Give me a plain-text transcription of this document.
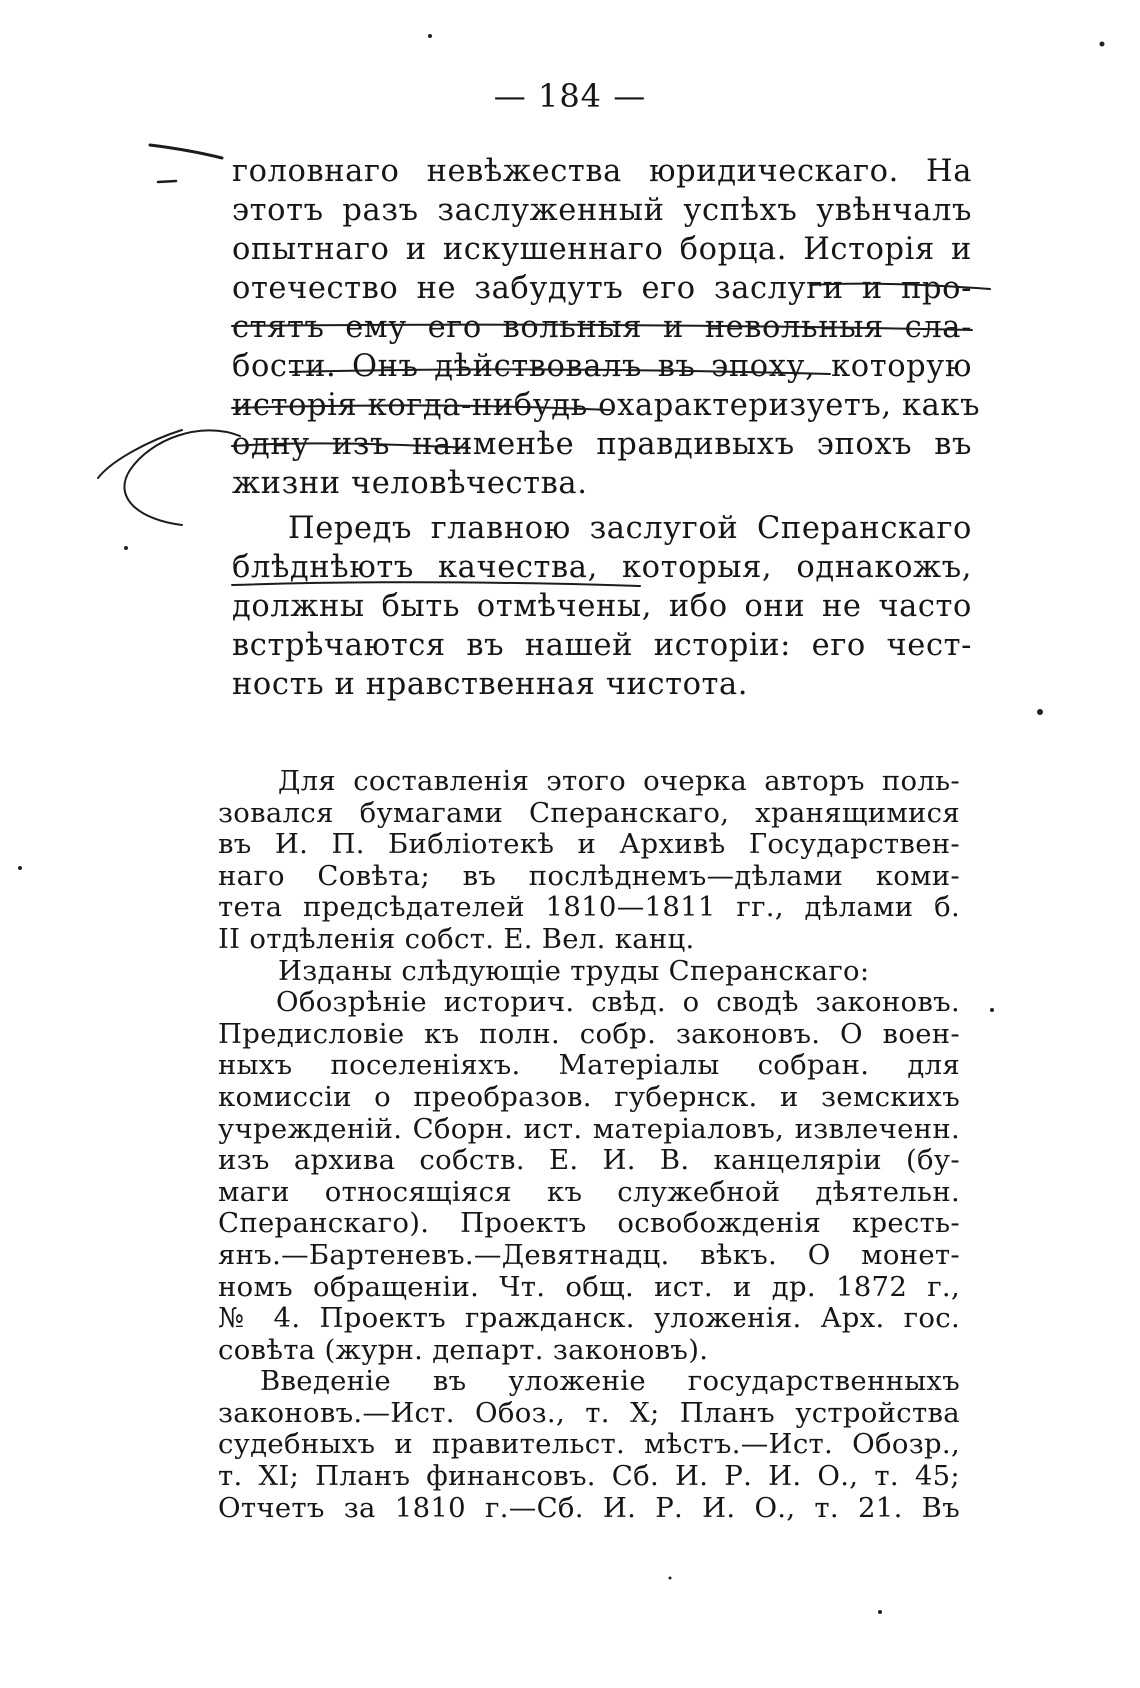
— 184 —
головнаго невѣжества юридическаго. На
этотъ разъ заслуженный успѣхъ увѣнчалъ
опытнаго и искушеннаго борца. Исторія и
отечество не забудутъ его заслуги и про-
стятъ ему его вольныя и невольныя сла-
бости. Онъ дѣйствовалъ въ эпоху, которую
исторія когда-нибудь охарактеризуетъ, какъ
одну изъ наименѣе правдивыхъ эпохъ въ
жизни человѣчества.
Передъ главною заслугой Сперанскаго
блѣднѣютъ качества, которыя, однакожъ,
должны быть отмѣчены, ибо они не часто
встрѣчаются въ нашей исторіи: его чест-
ность и нравственная чистота.
Для составленія этого очерка авторъ поль-
зовался бумагами Сперанскаго, хранящимися
въ И. П. Библіотекѣ и Архивѣ Государствен-
наго Совѣта; въ послѣднемъ—дѣлами коми-
тета предсѣдателей 1810—1811 гг., дѣлами б.
II отдѣленія собст. Е. Вел. канц.
Изданы слѣдующіе труды Сперанскаго:
Обозрѣніе историч. свѣд. о сводѣ законовъ.
Предисловіе къ полн. собр. законовъ. О воен-
ныхъ поселеніяхъ. Матеріалы собран. для
комиссіи о преобразов. губернск. и земскихъ
учрежденій. Сборн. ист. матеріаловъ, извлеченн.
изъ архива собств. Е. И. В. канцеляріи (бу-
маги относящіяся къ служебной дѣятельн.
Сперанскаго). Проектъ освобожденія кресть-
янъ.—Бартеневъ.—Девятнадц. вѣкъ. О монет-
номъ обращеніи. Чт. общ. ист. и др. 1872 г.,
№ 4. Проектъ гражданск. уложенія. Арх. гос.
совѣта (журн. департ. законовъ).
Введеніе въ уложеніе государственныхъ
законовъ.—Ист. Обоз., т. X; Планъ устройства
судебныхъ и правительст. мѣстъ.—Ист. Обозр.,
т. XI; Планъ финансовъ. Сб. И. Р. И. О., т. 45;
Отчетъ за 1810 г.—Сб. И. Р. И. О., т. 21. Въ
